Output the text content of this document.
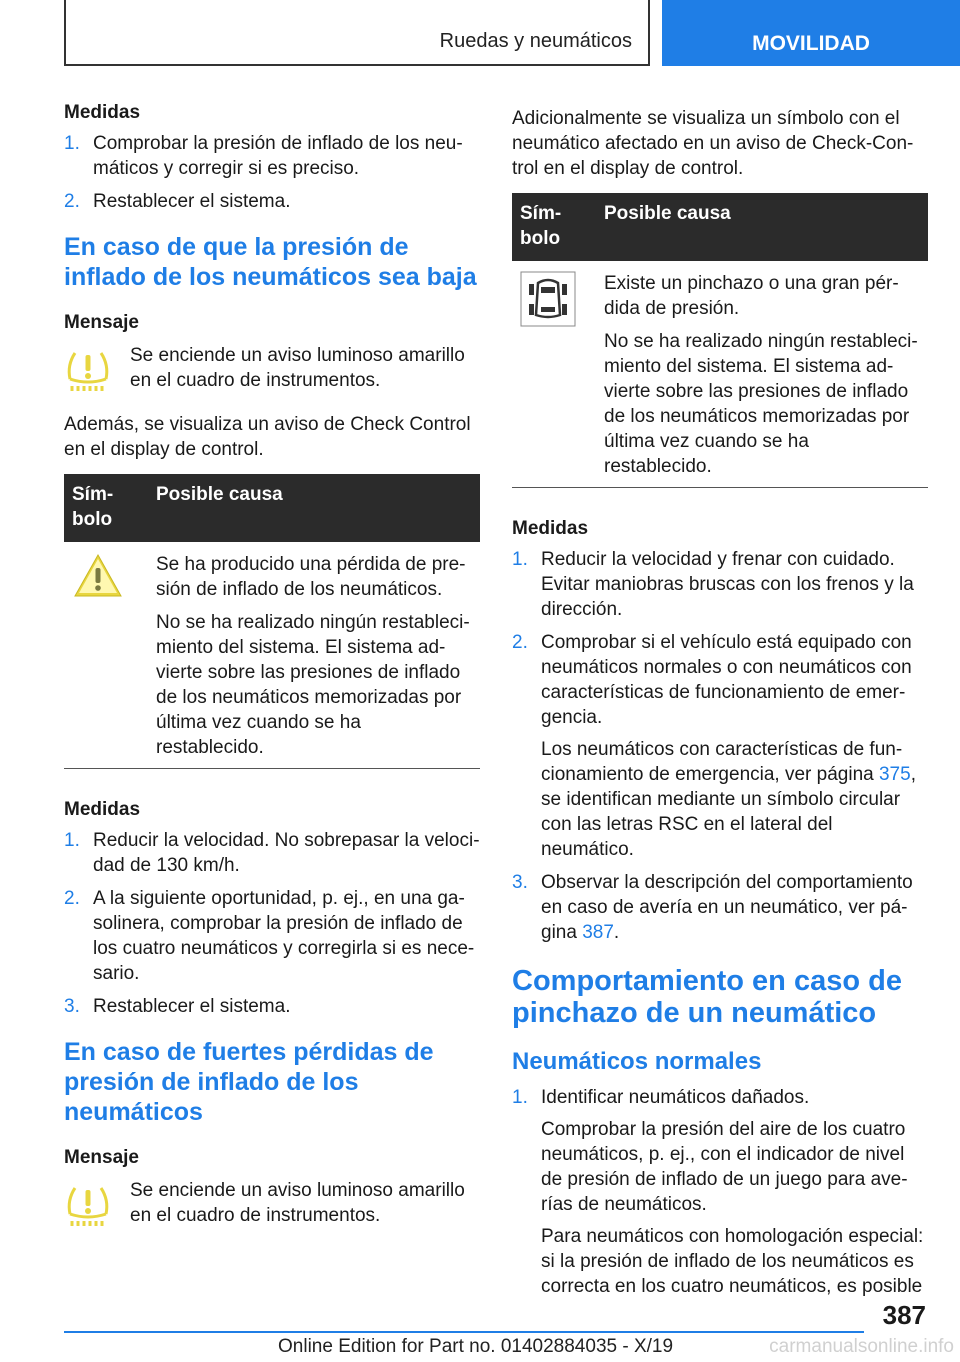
Ruedas y neumáticos	MOVILIDAD
Medidas
1. Comprobar la presión de inflado de los neu‐máticos y corregir si es preciso.

2. Restablecer el sistema.

En caso de que la presión de inflado de los neumáticos sea baja
Mensaje

Se enciende un aviso luminoso amarillo en el cuadro de instrumentos.

Además, se visualiza un aviso de Check Control en el display de control.

Sím‐ bolo	Posible causa

Se ha producido una pérdida de pre‐sión de inflado de los neumáticos.

No se ha realizado ningún restableci‐miento del sistema. El sistema ad‐vierte sobre las presiones de inflado de los neumáticos memorizadas por última vez cuando se ha restablecido.

Medidas
1. Reducir la velocidad. No sobrepasar la veloci‐dad de 130 km/h.

2. A la siguiente oportunidad, p. ej., en una ga‐solinera, comprobar la presión de inflado de los cuatro neumáticos y corregirla si es nece‐sario.

3. Restablecer el sistema.

En caso de fuertes pérdidas de presión de inflado de los neumáticos
Mensaje

Se enciende un aviso luminoso amarillo en el cuadro de instrumentos.

Adicionalmente se visualiza un símbolo con el neumático afectado en un aviso de Check-Con‐trol en el display de control.

Sím‐ bolo	Posible causa

Existe un pinchazo o una gran pér‐dida de presión.

No se ha realizado ningún restableci‐miento del sistema. El sistema ad‐vierte sobre las presiones de inflado de los neumáticos memorizadas por última vez cuando se ha restablecido.

Medidas
1. Reducir la velocidad y frenar con cuidado. Evitar maniobras bruscas con los frenos y la dirección.

2. Comprobar si el vehículo está equipado con neumáticos normales o con neumáticos con características de funcionamiento de emer‐gencia.

Los neumáticos con características de fun‐cionamiento de emergencia, ver página 375, se identifican mediante un símbolo circular con las letras RSC en el lateral del neumático.

3. Observar la descripción del comportamiento en caso de avería en un neumático, ver pá‐gina 387.

Comportamiento en caso de pinchazo de un neumático
Neumáticos normales
1. Identificar neumáticos dañados.

Comprobar la presión del aire de los cuatro neumáticos, p. ej., con el indicador de nivel de presión de inflado de un juego para ave‐rías de neumáticos.

Para neumáticos con homologación especial: si la presión de inflado de los neumáticos es correcta en los cuatro neumáticos, es posible

387
Online Edition for Part no. 01402884035 - X/19	carmanualsonline.info
